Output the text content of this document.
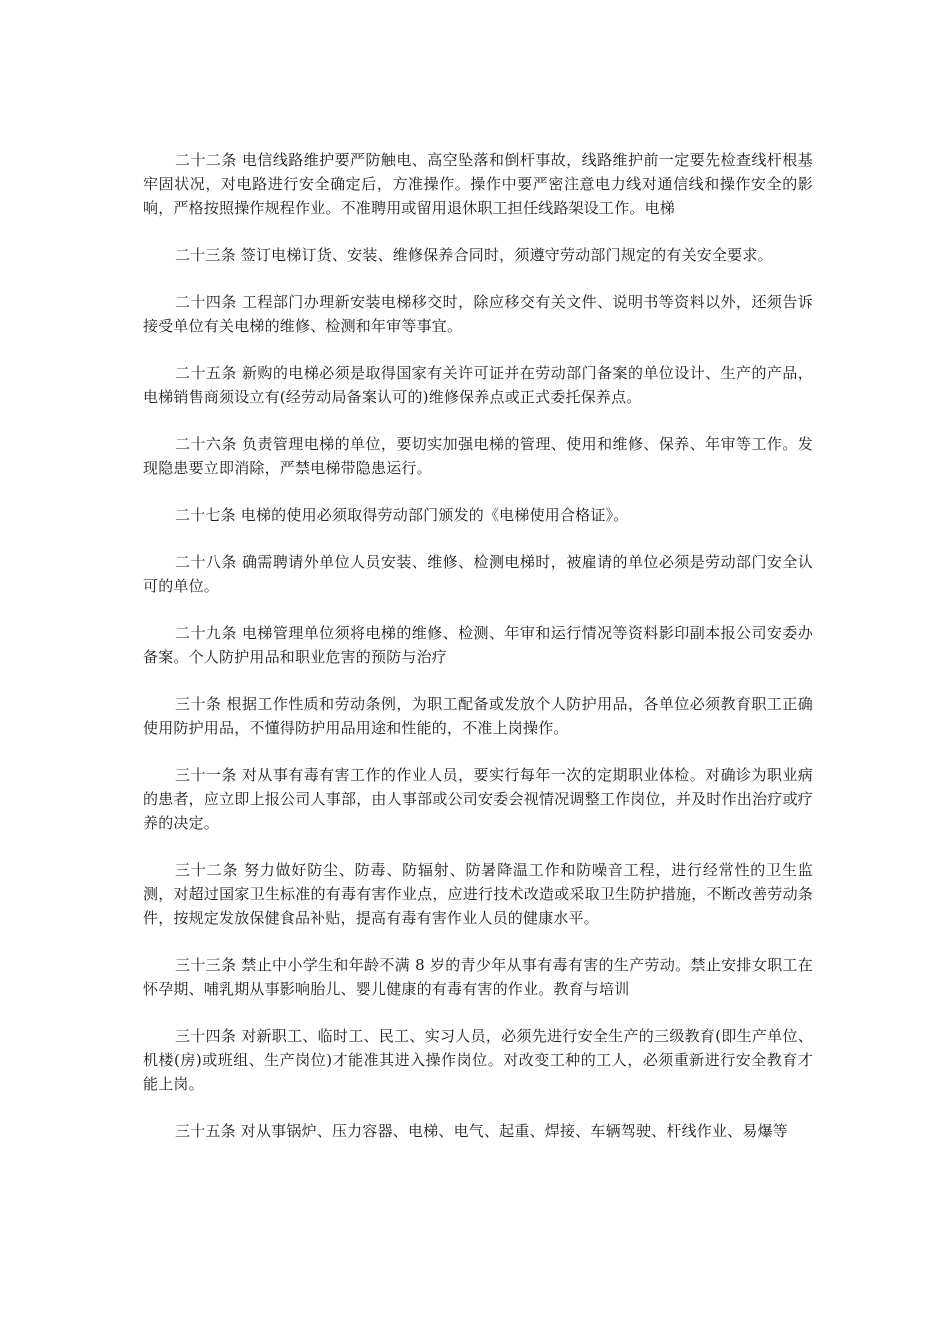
二十二条 电信线路维护要严防触电、高空坠落和倒杆事故，线路维护前一定要先检查线杆根基牢固状况，对电路进行安全确定后，方准操作。操作中要严密注意电力线对通信线和操作安全的影响，严格按照操作规程作业。不准聘用或留用退休职工担任线路架设工作。电梯

二十三条 签订电梯订货、安装、维修保养合同时，须遵守劳动部门规定的有关安全要求。

二十四条 工程部门办理新安装电梯移交时，除应移交有关文件、说明书等资料以外，还须告诉接受单位有关电梯的维修、检测和年审等事宜。

二十五条 新购的电梯必须是取得国家有关许可证并在劳动部门备案的单位设计、生产的产品，电梯销售商须设立有(经劳动局备案认可的)维修保养点或正式委托保养点。

二十六条 负责管理电梯的单位，要切实加强电梯的管理、使用和维修、保养、年审等工作。发现隐患要立即消除，严禁电梯带隐患运行。

二十七条 电梯的使用必须取得劳动部门颁发的《电梯使用合格证》。

二十八条 确需聘请外单位人员安装、维修、检测电梯时，被雇请的单位必须是劳动部门安全认可的单位。

二十九条 电梯管理单位须将电梯的维修、检测、年审和运行情况等资料影印副本报公司安委办备案。个人防护用品和职业危害的预防与治疗

三十条 根据工作性质和劳动条例，为职工配备或发放个人防护用品，各单位必须教育职工正确使用防护用品，不懂得防护用品用途和性能的，不准上岗操作。

三十一条 对从事有毒有害工作的作业人员，要实行每年一次的定期职业体检。对确诊为职业病的患者，应立即上报公司人事部，由人事部或公司安委会视情况调整工作岗位，并及时作出治疗或疗养的决定。

三十二条 努力做好防尘、防毒、防辐射、防暑降温工作和防噪音工程，进行经常性的卫生监测，对超过国家卫生标准的有毒有害作业点，应进行技术改造或采取卫生防护措施，不断改善劳动条件，按规定发放保健食品补贴，提高有毒有害作业人员的健康水平。

三十三条 禁止中小学生和年龄不满 8 岁的青少年从事有毒有害的生产劳动。禁止安排女职工在怀孕期、哺乳期从事影响胎儿、婴儿健康的有毒有害的作业。教育与培训

三十四条 对新职工、临时工、民工、实习人员，必须先进行安全生产的三级教育(即生产单位、机楼(房)或班组、生产岗位)才能准其进入操作岗位。对改变工种的工人，必须重新进行安全教育才能上岗。

三十五条 对从事锅炉、压力容器、电梯、电气、起重、焊接、车辆驾驶、杆线作业、易爆等
